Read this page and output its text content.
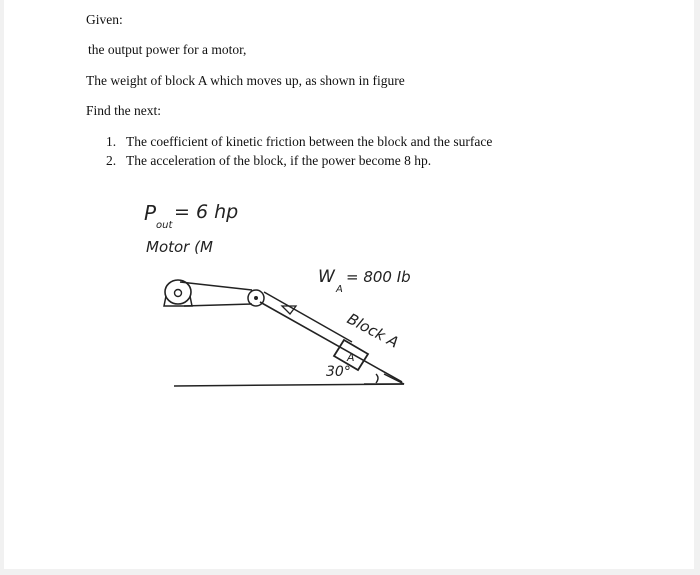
Given:
the output power for a motor,
The weight of block A which moves up, as shown in figure
Find the next:
1. The coefficient of kinetic friction between the block and the surface
2. The acceleration of the block, if the power become 8 hp.
P
out
= 6 hp
Motor (M
W
A
= 800 Ib
A
Block A
30°
